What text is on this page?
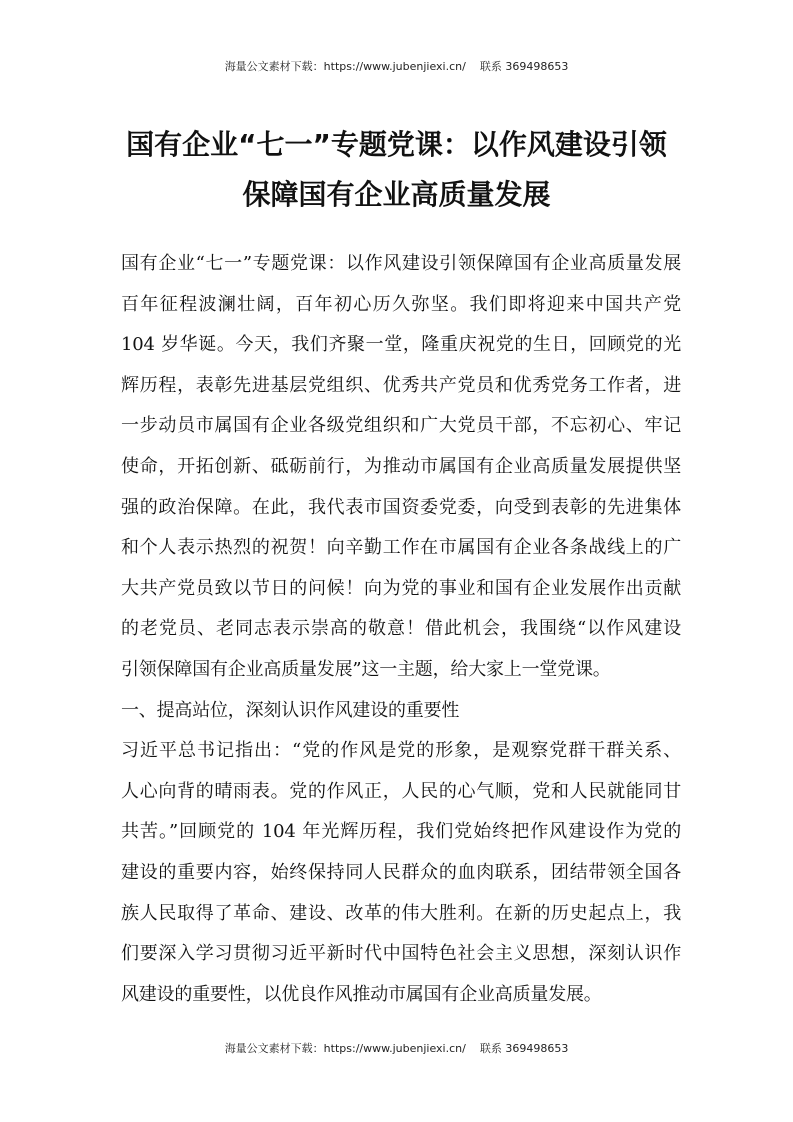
海量公文素材下载：https://www.jubenjiexi.cn/ 联系 369498653
国有企业“七一”专题党课：以作风建设引领
保障国有企业高质量发展
国有企业“七一”专题党课：以作风建设引领保障国有企业高质量发展
百年征程波澜壮阔，百年初心历久弥坚。我们即将迎来中国共产党
104 岁华诞。今天，我们齐聚一堂，隆重庆祝党的生日，回顾党的光
辉历程，表彰先进基层党组织、优秀共产党员和优秀党务工作者，进
一步动员市属国有企业各级党组织和广大党员干部，不忘初心、牢记
使命，开拓创新、砥砺前行，为推动市属国有企业高质量发展提供坚
强的政治保障。在此，我代表市国资委党委，向受到表彰的先进集体
和个人表示热烈的祝贺！向辛勤工作在市属国有企业各条战线上的广
大共产党员致以节日的问候！向为党的事业和国有企业发展作出贡献
的老党员、老同志表示崇高的敬意！借此机会，我围绕“以作风建设
引领保障国有企业高质量发展”这一主题，给大家上一堂党课。
一、提高站位，深刻认识作风建设的重要性
习近平总书记指出：“党的作风是党的形象，是观察党群干群关系、
人心向背的晴雨表。党的作风正，人民的心气顺，党和人民就能同甘
共苦。”回顾党的 104 年光辉历程，我们党始终把作风建设作为党的
建设的重要内容，始终保持同人民群众的血肉联系，团结带领全国各
族人民取得了革命、建设、改革的伟大胜利。在新的历史起点上，我
们要深入学习贯彻习近平新时代中国特色社会主义思想，深刻认识作
风建设的重要性，以优良作风推动市属国有企业高质量发展。
海量公文素材下载：https://www.jubenjiexi.cn/ 联系 369498653
